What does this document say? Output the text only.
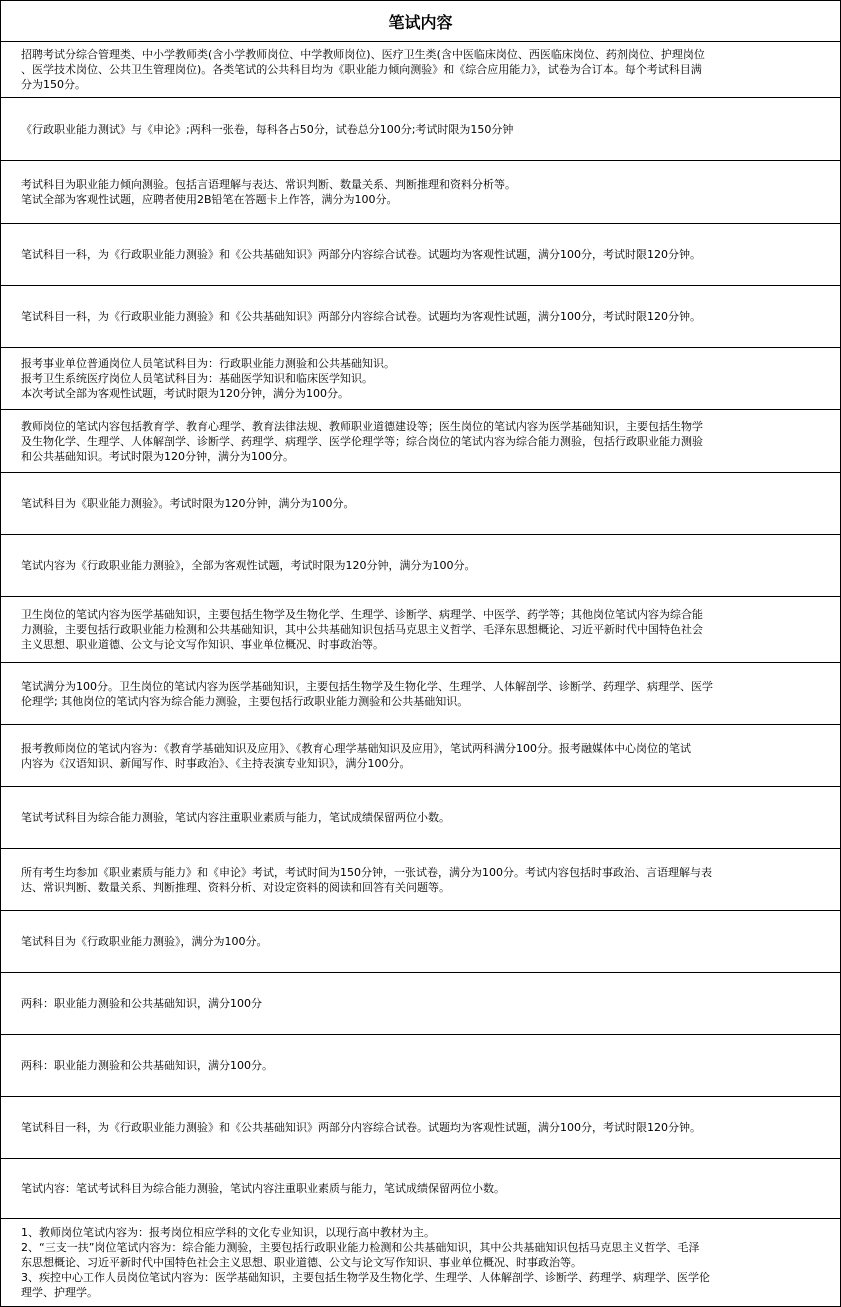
笔试内容
招聘考试分综合管理类、中小学教师类(含小学教师岗位、中学教师岗位)、医疗卫生类(含中医临床岗位、西医临床岗位、药剂岗位、护理岗位
、医学技术岗位、公共卫生管理岗位)。各类笔试的公共科目均为《职业能力倾向测验》和《综合应用能力》，试卷为合订本。每个考试科目满
分为150分。
《行政职业能力测试》与《申论》;两科一张卷，每科各占50分，试卷总分100分;考试时限为150分钟
考试科目为职业能力倾向测验。包括言语理解与表达、常识判断、数量关系、判断推理和资料分析等。
笔试全部为客观性试题，应聘者使用2B铅笔在答题卡上作答，满分为100分。
笔试科目一科，为《行政职业能力测验》和《公共基础知识》两部分内容综合试卷。试题均为客观性试题，满分100分，考试时限120分钟。
笔试科目一科，为《行政职业能力测验》和《公共基础知识》两部分内容综合试卷。试题均为客观性试题，满分100分，考试时限120分钟。
报考事业单位普通岗位人员笔试科目为：行政职业能力测验和公共基础知识。
报考卫生系统医疗岗位人员笔试科目为：基础医学知识和临床医学知识。
本次考试全部为客观性试题，考试时限为120分钟，满分为100分。
教师岗位的笔试内容包括教育学、教育心理学、教育法律法规、教师职业道德建设等；医生岗位的笔试内容为医学基础知识，主要包括生物学
及生物化学、生理学、人体解剖学、诊断学、药理学、病理学、医学伦理学等；综合岗位的笔试内容为综合能力测验，包括行政职业能力测验
和公共基础知识。考试时限为120分钟，满分为100分。
笔试科目为《职业能力测验》。考试时限为120分钟，满分为100分。
笔试内容为《行政职业能力测验》，全部为客观性试题，考试时限为120分钟，满分为100分。
卫生岗位的笔试内容为医学基础知识，主要包括生物学及生物化学、生理学、诊断学、病理学、中医学、药学等；其他岗位笔试内容为综合能
力测验，主要包括行政职业能力检测和公共基础知识，其中公共基础知识包括马克思主义哲学、毛泽东思想概论、习近平新时代中国特色社会
主义思想、职业道德、公文与论文写作知识、事业单位概况、时事政治等。
笔试满分为100分。卫生岗位的笔试内容为医学基础知识，主要包括生物学及生物化学、生理学、人体解剖学、诊断学、药理学、病理学、医学
伦理学; 其他岗位的笔试内容为综合能力测验，主要包括行政职业能力测验和公共基础知识。
报考教师岗位的笔试内容为：《教育学基础知识及应用》、《教育心理学基础知识及应用》，笔试两科满分100分。报考融媒体中心岗位的笔试
内容为《汉语知识、新闻写作、时事政治》、《主持表演专业知识》，满分100分。
笔试考试科目为综合能力测验，笔试内容注重职业素质与能力，笔试成绩保留两位小数。
所有考生均参加《职业素质与能力》和《申论》考试，考试时间为150分钟，一张试卷，满分为100分。考试内容包括时事政治、言语理解与表
达、常识判断、数量关系、判断推理、资料分析、对设定资料的阅读和回答有关问题等。
笔试科目为《行政职业能力测验》，满分为100分。
两科：职业能力测验和公共基础知识，满分100分
两科：职业能力测验和公共基础知识，满分100分。
笔试科目一科，为《行政职业能力测验》和《公共基础知识》两部分内容综合试卷。试题均为客观性试题，满分100分，考试时限120分钟。
笔试内容：笔试考试科目为综合能力测验，笔试内容注重职业素质与能力，笔试成绩保留两位小数。
1、教师岗位笔试内容为：报考岗位相应学科的文化专业知识，以现行高中教材为主。
2、“三支一扶”岗位笔试内容为：综合能力测验，主要包括行政职业能力检测和公共基础知识，其中公共基础知识包括马克思主义哲学、毛泽
东思想概论、习近平新时代中国特色社会主义思想、职业道德、公文与论文写作知识、事业单位概况、时事政治等。
3、疾控中心工作人员岗位笔试内容为：医学基础知识，主要包括生物学及生物化学、生理学、人体解剖学、诊断学、药理学、病理学、医学伦
理学、护理学。
